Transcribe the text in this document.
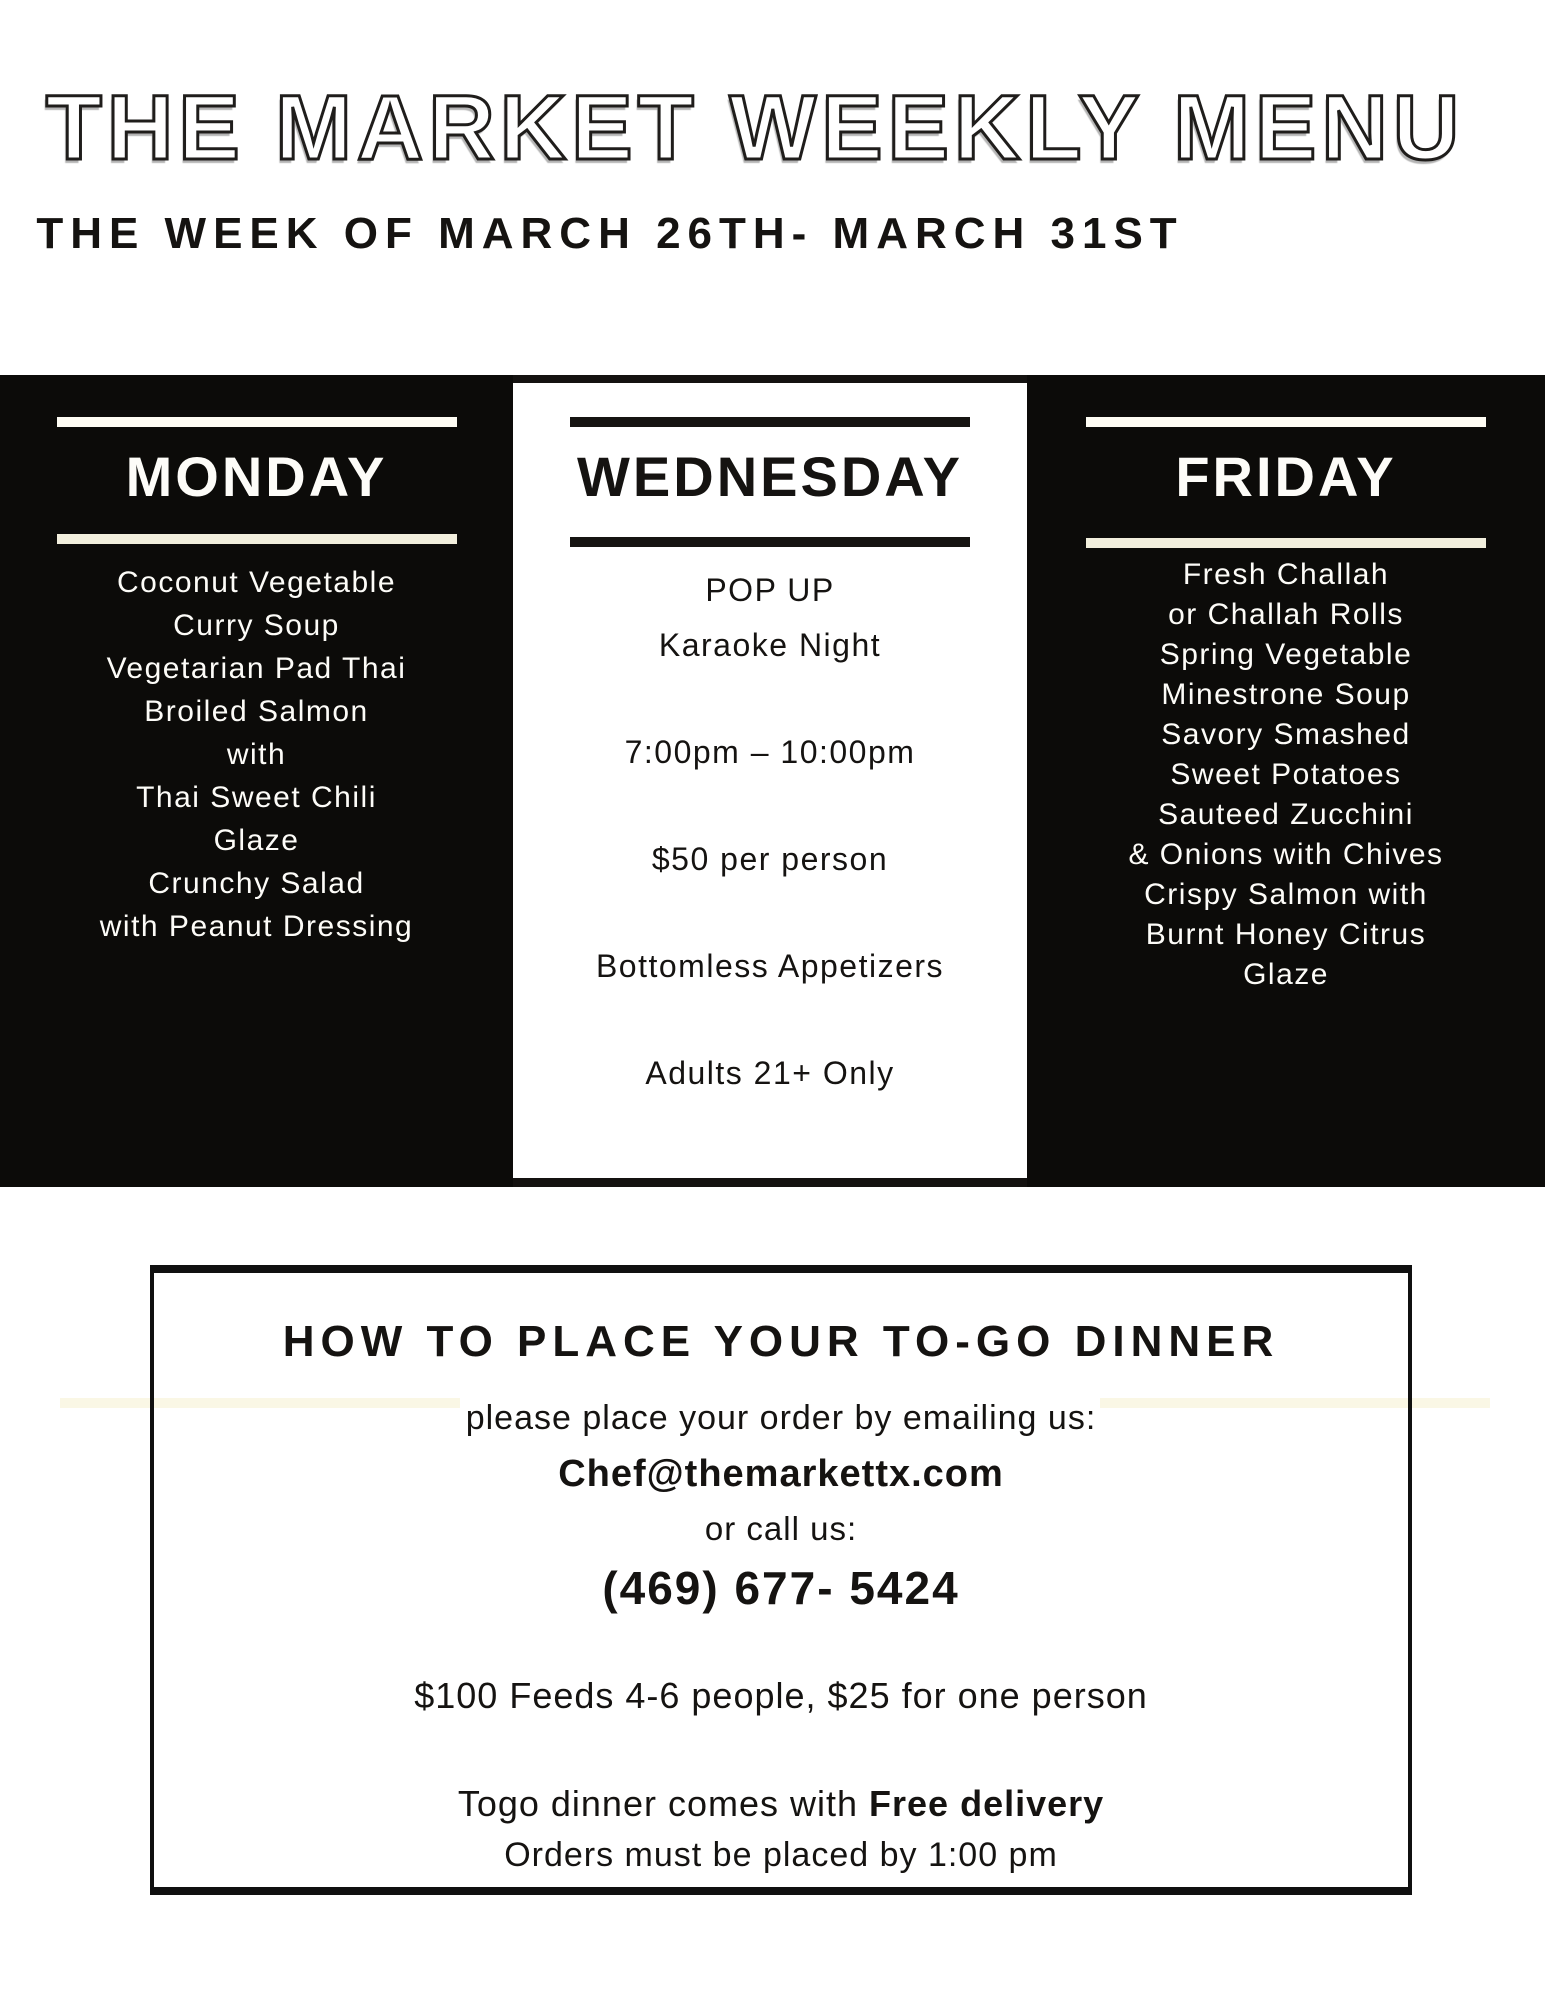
THE MARKET WEEKLY MENU
THE WEEK OF MARCH 26TH- MARCH 31ST
MONDAY
Coconut Vegetable
Curry Soup
Vegetarian Pad Thai
Broiled Salmon
with
Thai Sweet Chili
Glaze
Crunchy Salad
with Peanut Dressing
WEDNESDAY
POP UP
Karaoke Night
7:00pm – 10:00pm
$50 per person
Bottomless Appetizers
Adults 21+ Only
FRIDAY
Fresh Challah
or Challah Rolls
Spring Vegetable
Minestrone Soup
Savory Smashed
Sweet Potatoes
Sauteed Zucchini
& Onions with Chives
Crispy Salmon with
Burnt Honey Citrus
Glaze
HOW TO PLACE YOUR TO-GO DINNER
please place your order by emailing us:
Chef@themarkettx.com
or call us:
(469) 677- 5424
$100 Feeds 4-6 people, $25 for one person
Togo dinner comes with Free delivery
Orders must be placed by 1:00 pm
